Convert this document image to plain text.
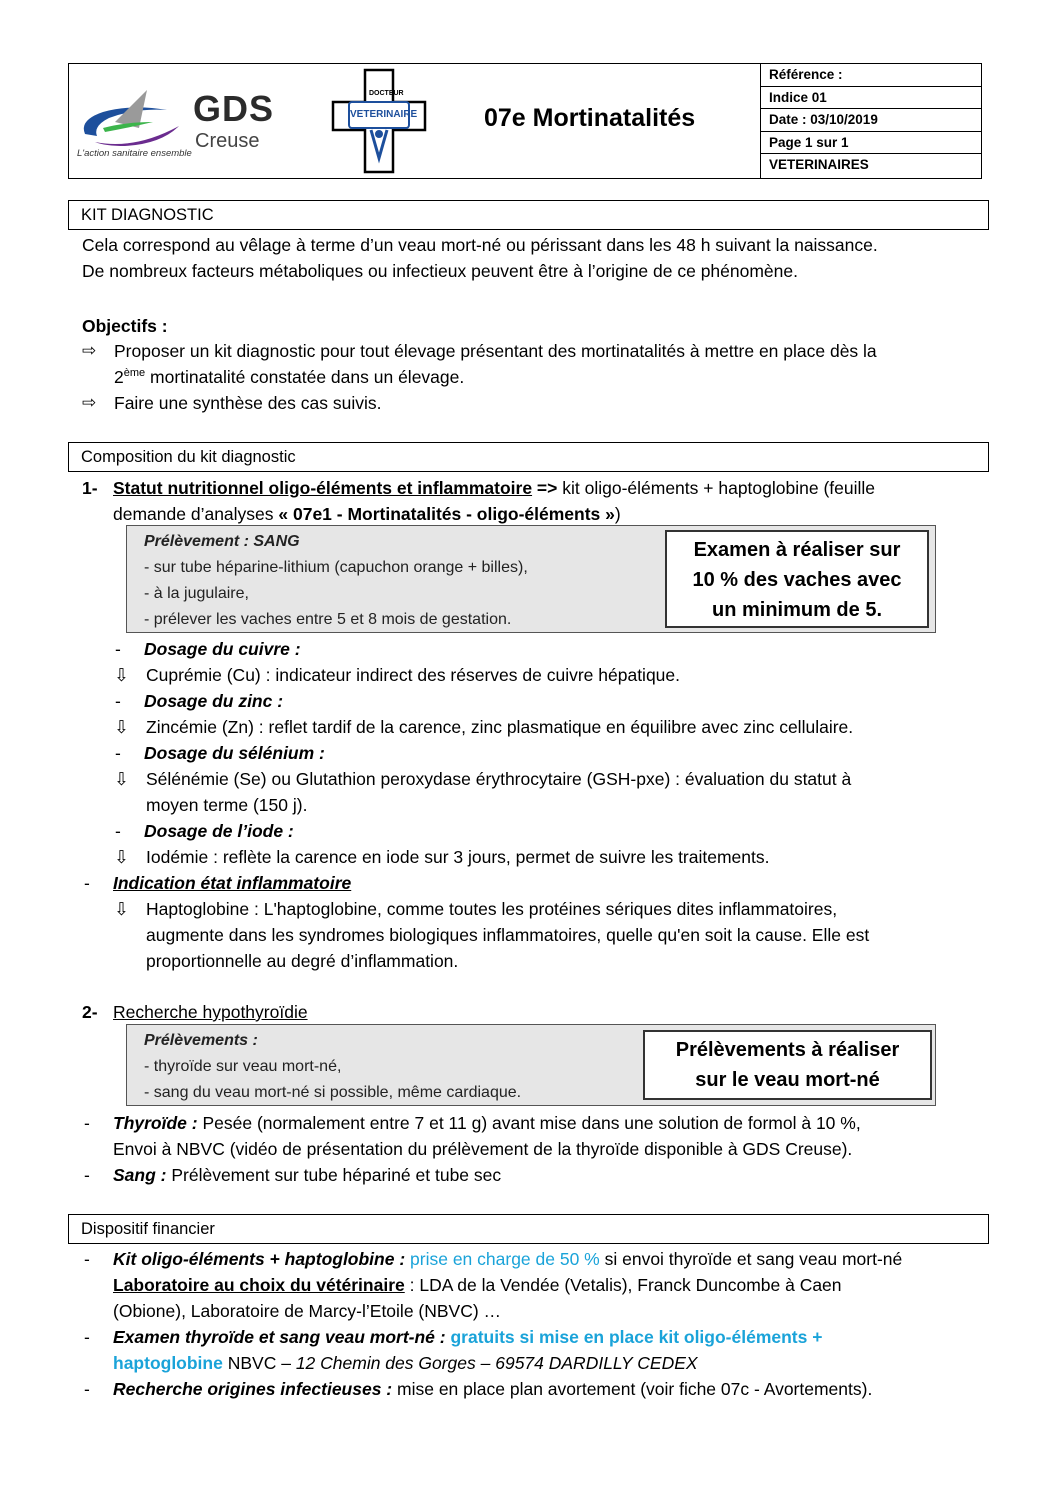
GDS
Creuse
L'action sanitaire ensemble
DOCTEUR
VETERINAIRE	07e Mortinatalités
Référence :
Indice 01
Date : 03/10/2019
Page 1 sur 1
VETERINAIRES
KIT DIAGNOSTIC
Cela correspond au vêlage à terme d’un veau mort-né ou périssant dans les 48 h suivant la naissance.
De nombreux facteurs métaboliques ou infectieux peuvent être à l’origine de ce phénomène.
Objectifs :
⇨ Proposer un kit diagnostic pour tout élevage présentant des mortinatalités à mettre en place dès la
2ème mortinatalité constatée dans un élevage.
⇨ Faire une synthèse des cas suivis.
Composition du kit diagnostic
1- Statut nutritionnel oligo-éléments et inflammatoire => kit oligo-éléments + haptoglobine (feuille
demande d’analyses « 07e1 - Mortinatalités - oligo-éléments »)
Prélèvement : SANG
- sur tube héparine-lithium (capuchon orange + billes),
- à la jugulaire,
- prélever les vaches entre 5 et 8 mois de gestation.
Examen à réaliser sur
10 % des vaches avec
un minimum de 5.
- Dosage du cuivre :
⇩ Cuprémie (Cu) : indicateur indirect des réserves de cuivre hépatique.
- Dosage du zinc :
⇩ Zincémie (Zn) : reflet tardif de la carence, zinc plasmatique en équilibre avec zinc cellulaire.
- Dosage du sélénium :
⇩ Sélénémie (Se) ou Glutathion peroxydase érythrocytaire (GSH-pxe) : évaluation du statut à
moyen terme (150 j).
- Dosage de l’iode :
⇩ Iodémie : reflète la carence en iode sur 3 jours, permet de suivre les traitements.
- Indication état inflammatoire
⇩ Haptoglobine : L'haptoglobine, comme toutes les protéines sériques dites inflammatoires,
augmente dans les syndromes biologiques inflammatoires, quelle qu'en soit la cause. Elle est
proportionnelle au degré d’inflammation.
2- Recherche hypothyroïdie
Prélèvements :
- thyroïde sur veau mort-né,
- sang du veau mort-né si possible, même cardiaque.
Prélèvements à réaliser
sur le veau mort-né
- Thyroïde : Pesée (normalement entre 7 et 11 g) avant mise dans une solution de formol à 10 %,
Envoi à NBVC (vidéo de présentation du prélèvement de la thyroïde disponible à GDS Creuse).
- Sang : Prélèvement sur tube hépariné et tube sec
Dispositif financier
- Kit oligo-éléments + haptoglobine : prise en charge de 50 % si envoi thyroïde et sang veau mort-né
Laboratoire au choix du vétérinaire : LDA de la Vendée (Vetalis), Franck Duncombe à Caen
(Obione), Laboratoire de Marcy-l’Etoile (NBVC) …
- Examen thyroïde et sang veau mort-né : gratuits si mise en place kit oligo-éléments +
haptoglobine NBVC – 12 Chemin des Gorges – 69574 DARDILLY CEDEX
- Recherche origines infectieuses : mise en place plan avortement (voir fiche 07c - Avortements).
